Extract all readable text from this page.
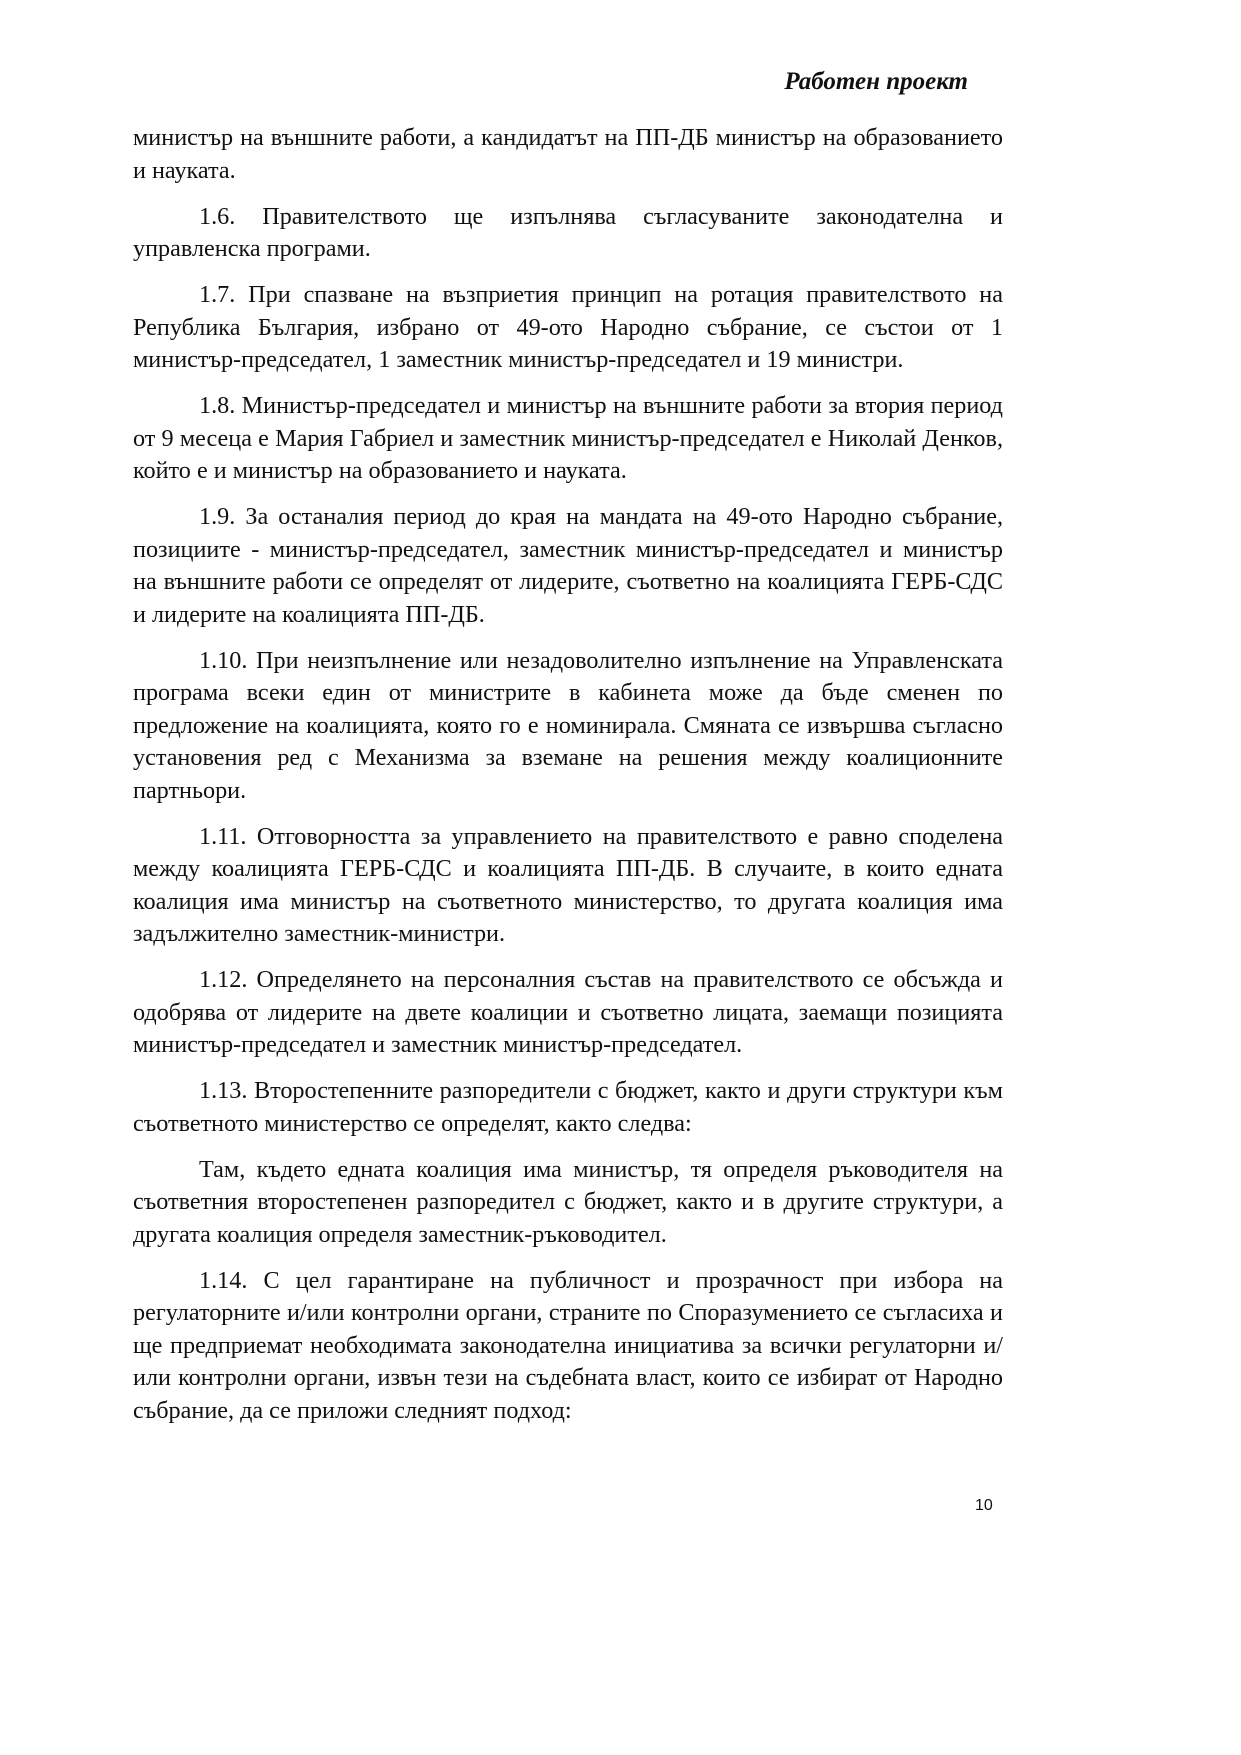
Работен проект

министър на външните работи, а кандидатът на ПП-ДБ министър на образованието и науката.

1.6. Правителството ще изпълнява съгласуваните законодателна и управленска програми.

1.7. При спазване на възприетия принцип на ротация правителството на Република България, избрано от 49-ото Народно събрание, се състои от 1 министър-председател, 1 заместник министър-председател и 19 министри.

1.8. Министър-председател и министър на външните работи за втория период от 9 месеца е Мария Габриел и заместник министър-председател е Николай Денков, който е и министър на образованието и науката.

1.9. За останалия период до края на мандата на 49-ото Народно събрание, позициите - министър-председател, заместник министър-председател и министър на външните работи се определят от лидерите, съответно на коалицията ГЕРБ-СДС и лидерите на коалицията ПП-ДБ.

1.10. При неизпълнение или незадоволително изпълнение на Управленската програма всеки един от министрите в кабинета може да бъде сменен по предложение на коалицията, която го е номинирала. Смяната се извършва съгласно установения ред с Механизма за вземане на решения между коалиционните партньори.

1.11. Отговорността за управлението на правителството е равно споделена между коалицията ГЕРБ-СДС и коалицията ПП-ДБ. В случаите, в които едната коалиция има министър на съответното министерство, то другата коалиция има задължително заместник-министри.

1.12. Определянето на персоналния състав на правителството се обсъжда и одобрява от лидерите на двете коалиции и съответно лицата, заемащи позицията министър-председател и заместник министър-председател.

1.13. Второстепенните разпоредители с бюджет, както и други структури към съответното министерство се определят, както следва:

Там, където едната коалиция има министър, тя определя ръководителя на съответния второстепенен разпоредител с бюджет, както и в другите структури, а другата коалиция определя заместник-ръководител.

1.14. С цел гарантиране на публичност и прозрачност при избора на регулаторните и/или контролни органи, страните по Споразумението се съгласиха и ще предприемат необходимата законодателна инициатива за всички регулаторни и/ или контролни органи, извън тези на съдебната власт, които се избират от Народно събрание, да се приложи следният подход:

10
